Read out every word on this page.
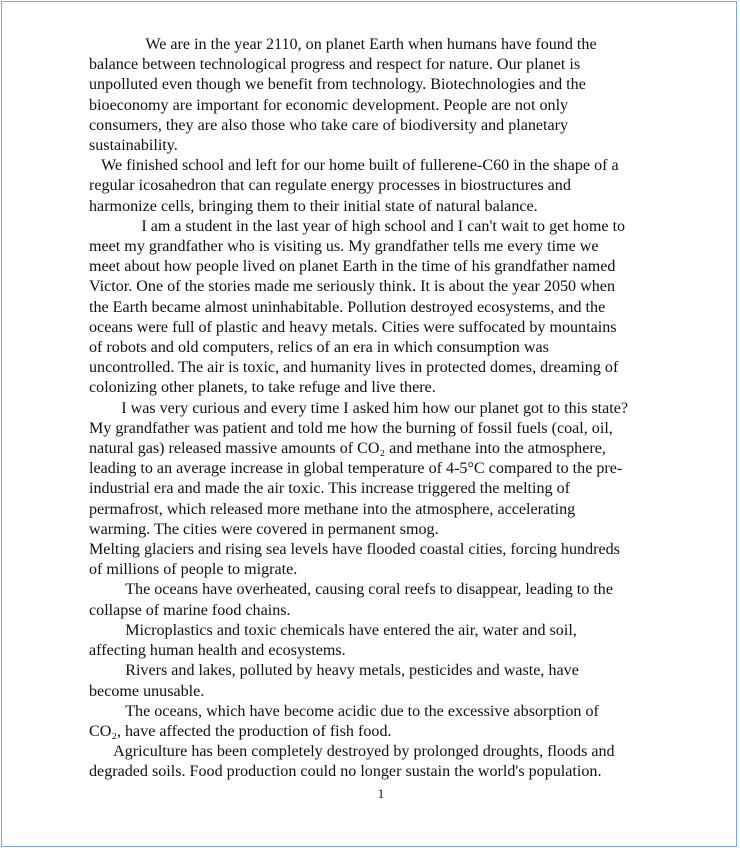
We are in the year 2110, on planet Earth when humans have found the
balance between technological progress and respect for nature. Our planet is
unpolluted even though we benefit from technology. Biotechnologies and the
bioeconomy are important for economic development. People are not only
consumers, they are also those who take care of biodiversity and planetary
sustainability.

We finished school and left for our home built of fullerene-C60 in the shape of a
regular icosahedron that can regulate energy processes in biostructures and
harmonize cells, bringing them to their initial state of natural balance.

I am a student in the last year of high school and I can't wait to get home to
meet my grandfather who is visiting us. My grandfather tells me every time we
meet about how people lived on planet Earth in the time of his grandfather named
Victor. One of the stories made me seriously think. It is about the year 2050 when
the Earth became almost uninhabitable. Pollution destroyed ecosystems, and the
oceans were full of plastic and heavy metals. Cities were suffocated by mountains
of robots and old computers, relics of an era in which consumption was
uncontrolled. The air is toxic, and humanity lives in protected domes, dreaming of
colonizing other planets, to take refuge and live there.

I was very curious and every time I asked him how our planet got to this state?
My grandfather was patient and told me how the burning of fossil fuels (coal, oil,
natural gas) released massive amounts of CO₂ and methane into the atmosphere,
leading to an average increase in global temperature of 4-5°C compared to the pre-
industrial era and made the air toxic. This increase triggered the melting of
permafrost, which released more methane into the atmosphere, accelerating
warming. The cities were covered in permanent smog.

Melting glaciers and rising sea levels have flooded coastal cities, forcing hundreds
of millions of people to migrate.

The oceans have overheated, causing coral reefs to disappear, leading to the
collapse of marine food chains.

Microplastics and toxic chemicals have entered the air, water and soil,
affecting human health and ecosystems.

Rivers and lakes, polluted by heavy metals, pesticides and waste, have
become unusable.

The oceans, which have become acidic due to the excessive absorption of
CO₂, have affected the production of fish food.

Agriculture has been completely destroyed by prolonged droughts, floods and
degraded soils. Food production could no longer sustain the world's population.

1
